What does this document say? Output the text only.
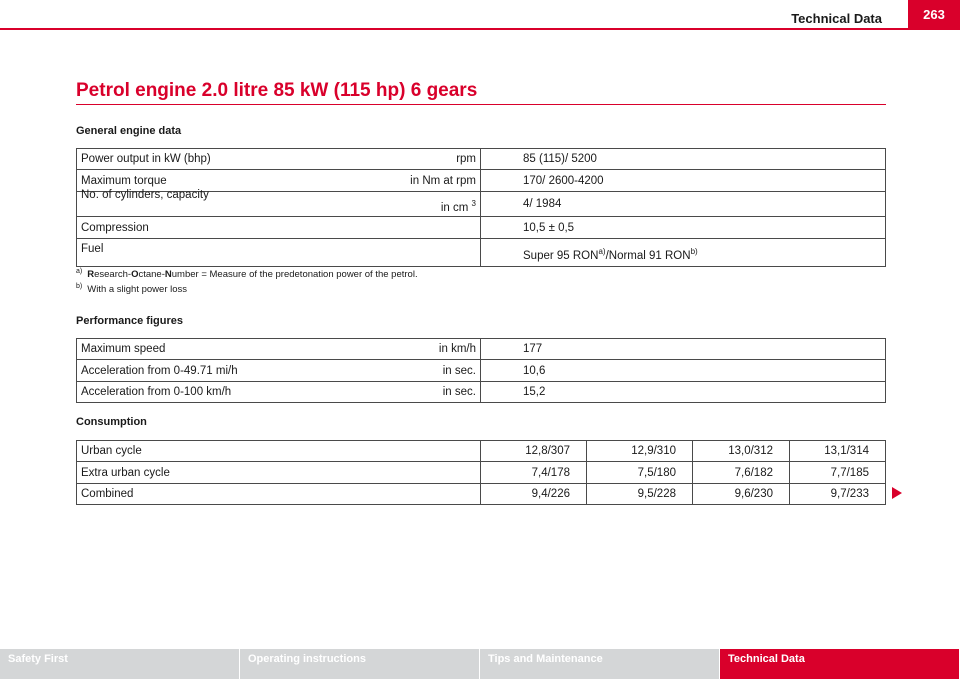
Technical Data	263
Petrol engine 2.0 litre 85 kW (115 hp) 6 gears
General engine data
Power output in kW (bhp) rpm	85 (115)/ 5200

Maximum torque in Nm at rpm	170/ 2600-4200

No. of cylinders, capacity
in cm $^3$	4/ 1984
Compression	10,5 ± 0,5
Fuel	Super 95 RON$^{a)}$/Normal 91 RON$^{b)}$
$^{a)}$ Research-Octane-Number = Measure of the predetonation power of the petrol.
$^{b)}$ With a slight power loss
Performance figures
Maximum speed in km/h	177

Acceleration from 0-49.71 mi/h in sec.	10,6

Acceleration from 0-100 km/h in sec.	15,2
Consumption
Urban cycle	12,8/307	12,9/310	13,0/312	13,1/314
Extra urban cycle	7,4/178	7,5/180	7,6/182	7,7/185
Combined	9,4/226	9,5/228	9,6/230	9,7/233
Safety First	Operating instructions	Tips and Maintenance	Technical Data
